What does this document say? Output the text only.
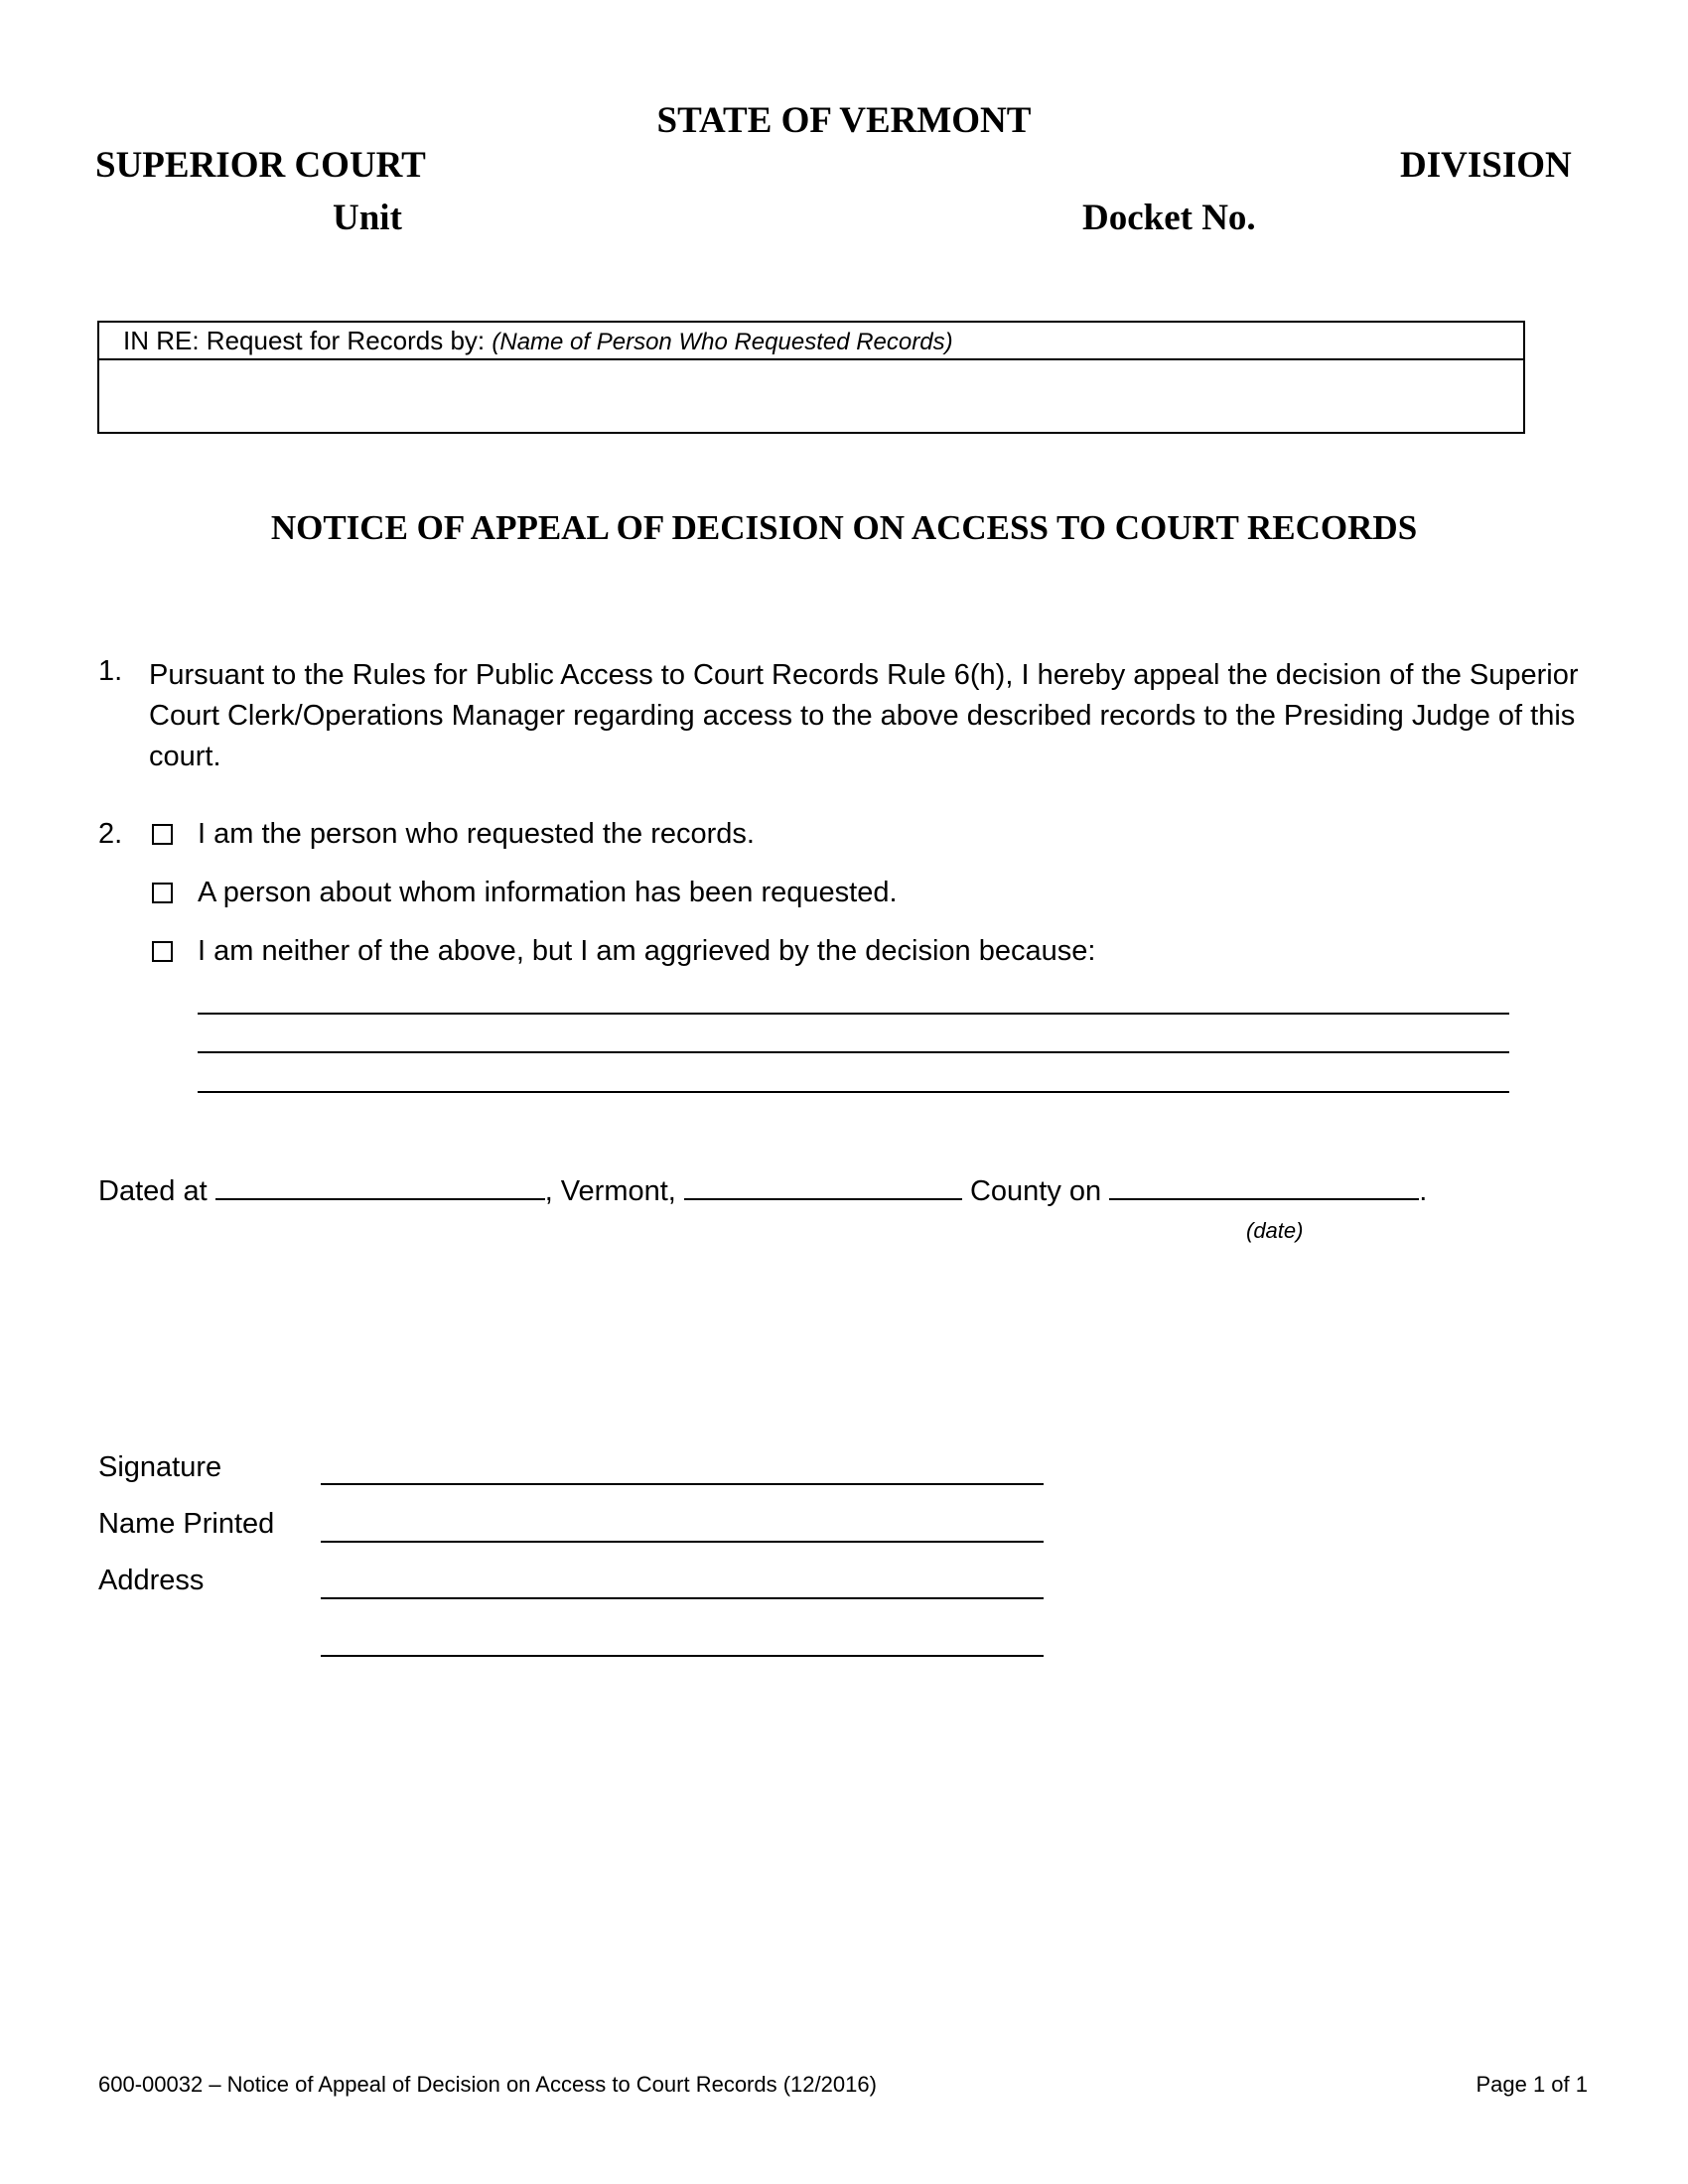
STATE OF VERMONT
SUPERIOR COURT	DIVISION
Unit	Docket No.
IN RE: Request for Records by: (Name of Person Who Requested Records)
NOTICE OF APPEAL OF DECISION ON ACCESS TO COURT RECORDS
1. Pursuant to the Rules for Public Access to Court Records Rule 6(h), I hereby appeal the decision of the Superior Court Clerk/Operations Manager regarding access to the above described records to the Presiding Judge of this court.
2.	I am the person who requested the records.
A person about whom information has been requested.
I am neither of the above, but I am aggrieved by the decision because:
Dated at	, Vermont,	County on	.
(date)
Signature
Name Printed
Address
600-00032 – Notice of Appeal of Decision on Access to Court Records (12/2016)	Page 1 of 1
